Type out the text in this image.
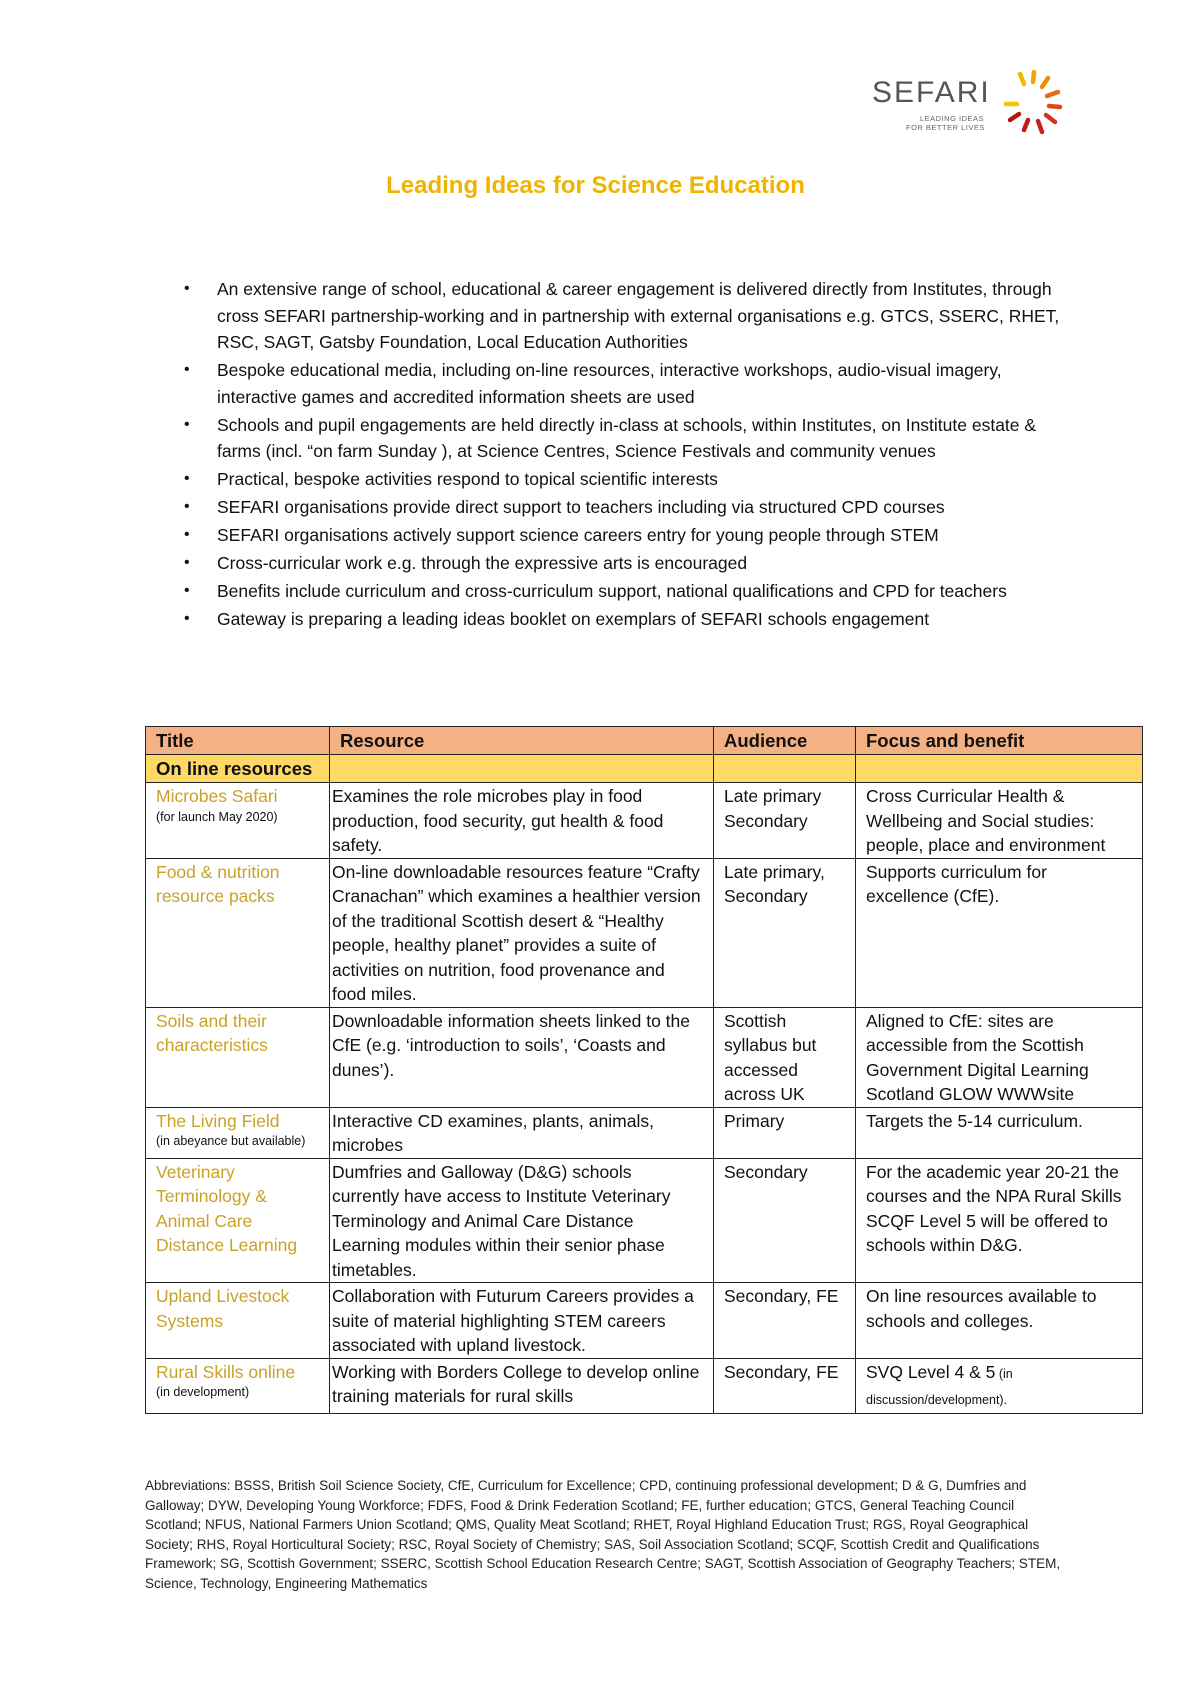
SEFARI
LEADING IDEAS
FOR BETTER LIVES
Leading Ideas for Science Education
• An extensive range of school, educational & career engagement is delivered directly from Institutes, through cross SEFARI partnership-working and in partnership with external organisations e.g. GTCS, SSERC, RHET, RSC, SAGT, Gatsby Foundation, Local Education Authorities
• Bespoke educational media, including on-line resources, interactive workshops, audio-visual imagery, interactive games and accredited information sheets are used
• Schools and pupil engagements are held directly in-class at schools, within Institutes, on Institute estate & farms (incl. “on farm Sunday ), at Science Centres, Science Festivals and community venues
• Practical, bespoke activities respond to topical scientific interests
• SEFARI organisations provide direct support to teachers including via structured CPD courses
• SEFARI organisations actively support science careers entry for young people through STEM
• Cross-curricular work e.g. through the expressive arts is encouraged
• Benefits include curriculum and cross-curriculum support, national qualifications and CPD for teachers
• Gateway is preparing a leading ideas booklet on exemplars of SEFARI schools engagement
Title	Resource	Audience	Focus and benefit
On line resources			
Microbes Safari
(for launch May 2020)	Examines the role microbes play in food production, food security, gut health & food safety.	Late primary Secondary	Cross Curricular Health & Wellbeing and Social studies: people, place and environment
Food & nutrition resource packs	On-line downloadable resources feature “Crafty Cranachan” which examines a healthier version of the traditional Scottish desert & “Healthy people, healthy planet” provides a suite of activities on nutrition, food provenance and food miles.	Late primary, Secondary	Supports curriculum for excellence (CfE).
Soils and their characteristics	Downloadable information sheets linked to the CfE (e.g. ‘introduction to soils’, ‘Coasts and dunes’).	Scottish syllabus but accessed across UK	Aligned to CfE: sites are accessible from the Scottish Government Digital Learning Scotland GLOW WWWsite
The Living Field
(in abeyance but available)	Interactive CD examines, plants, animals, microbes	Primary	Targets the 5-14 curriculum.
Veterinary Terminology & Animal Care Distance Learning	Dumfries and Galloway (D&G) schools currently have access to Institute Veterinary Terminology and Animal Care Distance Learning modules within their senior phase timetables.	Secondary	For the academic year 20-21 the courses and the NPA Rural Skills SCQF Level 5 will be offered to schools within D&G.
Upland Livestock Systems	Collaboration with Futurum Careers provides a suite of material highlighting STEM careers associated with upland livestock.	Secondary, FE	On line resources available to schools and colleges.
Rural Skills online
(in development)	Working with Borders College to develop online training materials for rural skills	Secondary, FE	SVQ Level 4 & 5 (in discussion/development).
Abbreviations: BSSS, British Soil Science Society, CfE, Curriculum for Excellence; CPD, continuing professional development; D & G, Dumfries and Galloway; DYW, Developing Young Workforce; FDFS, Food & Drink Federation Scotland; FE, further education; GTCS, General Teaching Council Scotland; NFUS, National Farmers Union Scotland; QMS, Quality Meat Scotland; RHET, Royal Highland Education Trust; RGS, Royal Geographical Society; RHS, Royal Horticultural Society; RSC, Royal Society of Chemistry; SAS, Soil Association Scotland; SCQF, Scottish Credit and Qualifications Framework; SG, Scottish Government; SSERC, Scottish School Education Research Centre; SAGT, Scottish Association of Geography Teachers; STEM, Science, Technology, Engineering Mathematics
